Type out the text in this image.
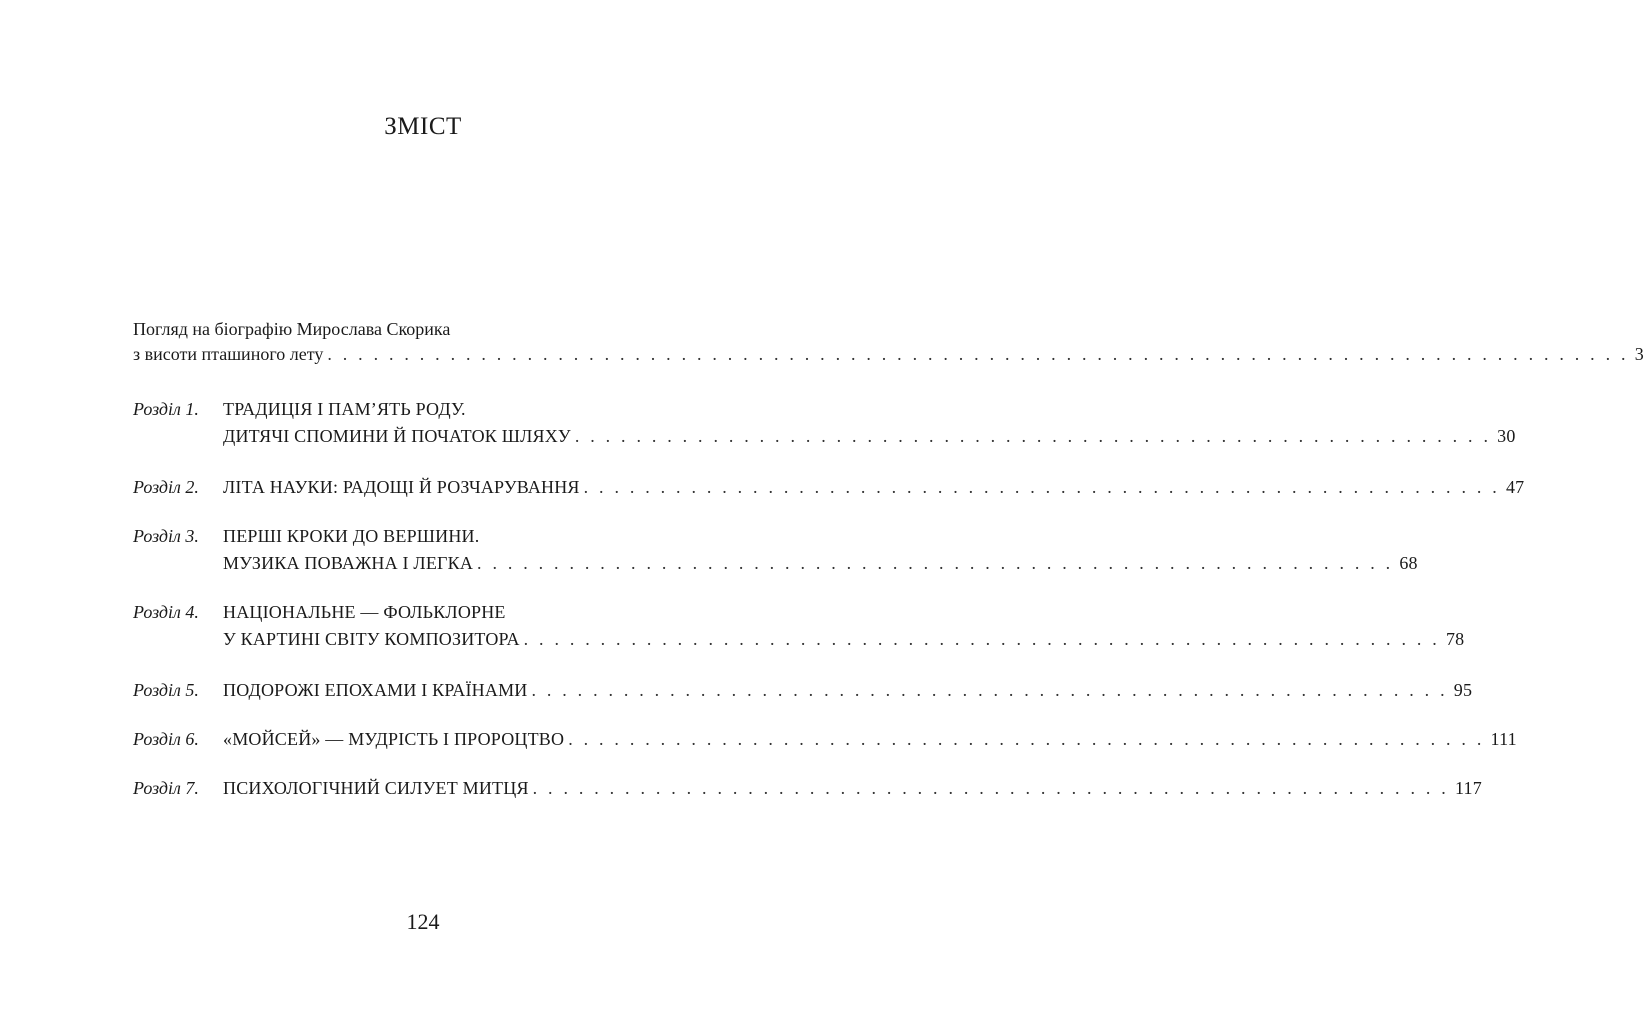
ЗМІСТ
Погляд на біографію Мирослава Скорика
з висоти пташиного лету . . . . . . . . . . . . . . . . . . . . . . . . . . . . . . . . . . . . . . . . . . . . . . . . . . . . . . . . . . . . . . . . . . . . . . . . . . . . . . . . . . . . . 3
Розділ 1.	ТРАДИЦІЯ І ПАМ’ЯТЬ РОДУ.
ДИТЯЧІ СПОМИНИ Й ПОЧАТОК ШЛЯХУ . . . . . . . . . . . . . . . . . . . . . . . . . . . . . . . . . . . . . . . . . . . . . . . . . . . . . . . . . . . . 30
Розділ 2.	ЛІТА НАУКИ: РАДОЩІ Й РОЗЧАРУВАННЯ . . . . . . . . . . . . . . . . . . . . . . . . . . . . . . . . . . . . . . . . . . . . . . . . . . . . . . . . . . . . 47
Розділ 3.	ПЕРШІ КРОКИ ДО ВЕРШИНИ.
МУЗИКА ПОВАЖНА І ЛЕГКА . . . . . . . . . . . . . . . . . . . . . . . . . . . . . . . . . . . . . . . . . . . . . . . . . . . . . . . . . . . . 68
Розділ 4.	НАЦІОНАЛЬНЕ — ФОЛЬКЛОРНЕ
У КАРТИНІ СВІТУ КОМПОЗИТОРА . . . . . . . . . . . . . . . . . . . . . . . . . . . . . . . . . . . . . . . . . . . . . . . . . . . . . . . . . . . . 78
Розділ 5.	ПОДОРОЖІ ЕПОХАМИ І КРАЇНАМИ . . . . . . . . . . . . . . . . . . . . . . . . . . . . . . . . . . . . . . . . . . . . . . . . . . . . . . . . . . . . 95
Розділ 6.	«МОЙСЕЙ» — МУДРІСТЬ І ПРОРОЦТВО . . . . . . . . . . . . . . . . . . . . . . . . . . . . . . . . . . . . . . . . . . . . . . . . . . . . . . . . . . . . 111
Розділ 7.	ПСИХОЛОГІЧНИЙ СИЛУЕТ МИТЦЯ . . . . . . . . . . . . . . . . . . . . . . . . . . . . . . . . . . . . . . . . . . . . . . . . . . . . . . . . . . . . 117
124
